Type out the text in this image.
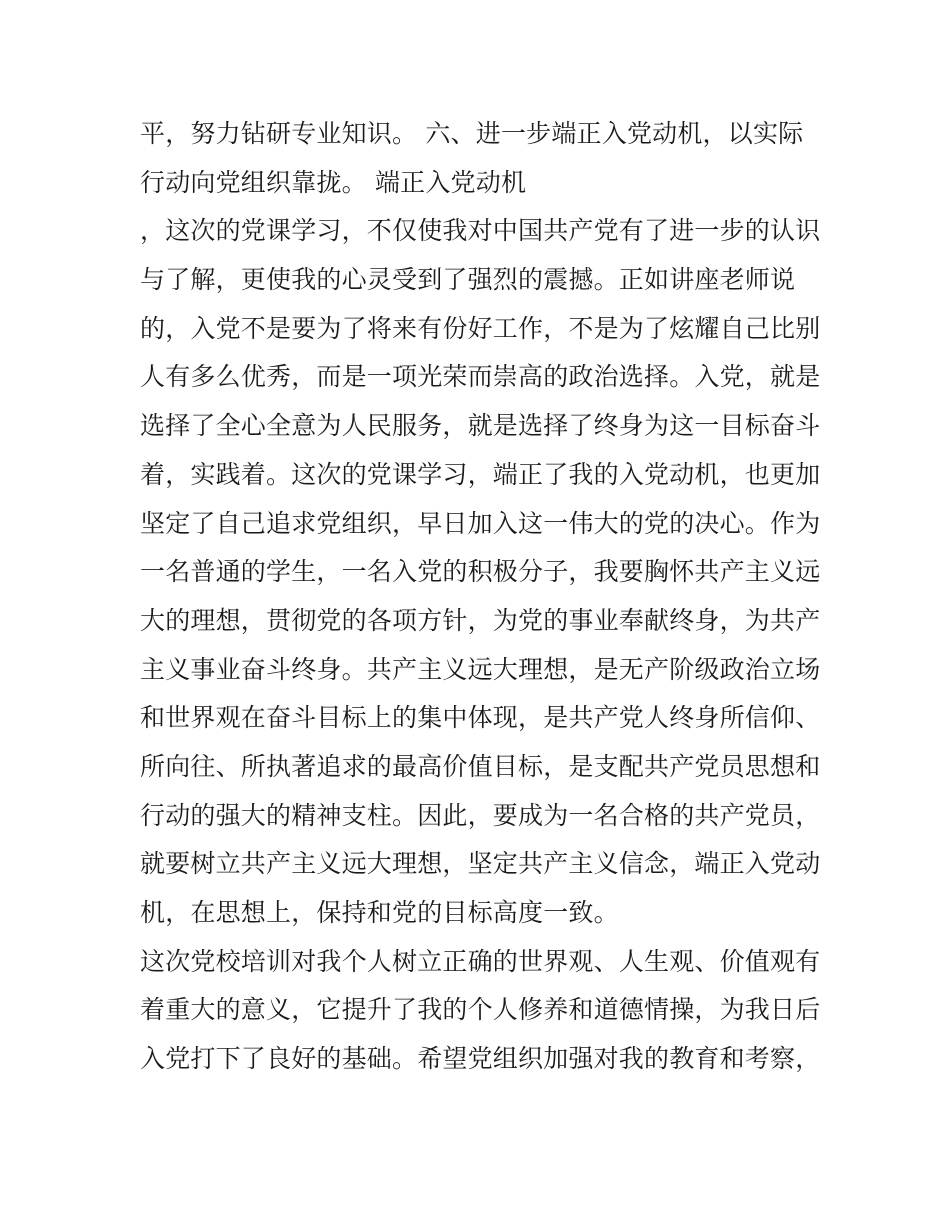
平，努力钻研专业知识。 六、进一步端正入党动机，以实际
行动向党组织靠拢。 端正入党动机
，这次的党课学习，不仅使我对中国共产党有了进一步的认识
与了解，更使我的心灵受到了强烈的震撼。正如讲座老师说
的，入党不是要为了将来有份好工作，不是为了炫耀自己比别
人有多么优秀，而是一项光荣而崇高的政治选择。入党，就是
选择了全心全意为人民服务，就是选择了终身为这一目标奋斗
着，实践着。这次的党课学习，端正了我的入党动机，也更加
坚定了自己追求党组织，早日加入这一伟大的党的决心。作为
一名普通的学生，一名入党的积极分子，我要胸怀共产主义远
大的理想，贯彻党的各项方针，为党的事业奉献终身，为共产
主义事业奋斗终身。共产主义远大理想，是无产阶级政治立场
和世界观在奋斗目标上的集中体现，是共产党人终身所信仰、
所向往、所执著追求的最高价值目标，是支配共产党员思想和
行动的强大的精神支柱。因此，要成为一名合格的共产党员，
就要树立共产主义远大理想，坚定共产主义信念，端正入党动
机，在思想上，保持和党的目标高度一致。
这次党校培训对我个人树立正确的世界观、人生观、价值观有
着重大的意义，它提升了我的个人修养和道德情操，为我日后
入党打下了良好的基础。希望党组织加强对我的教育和考察，
